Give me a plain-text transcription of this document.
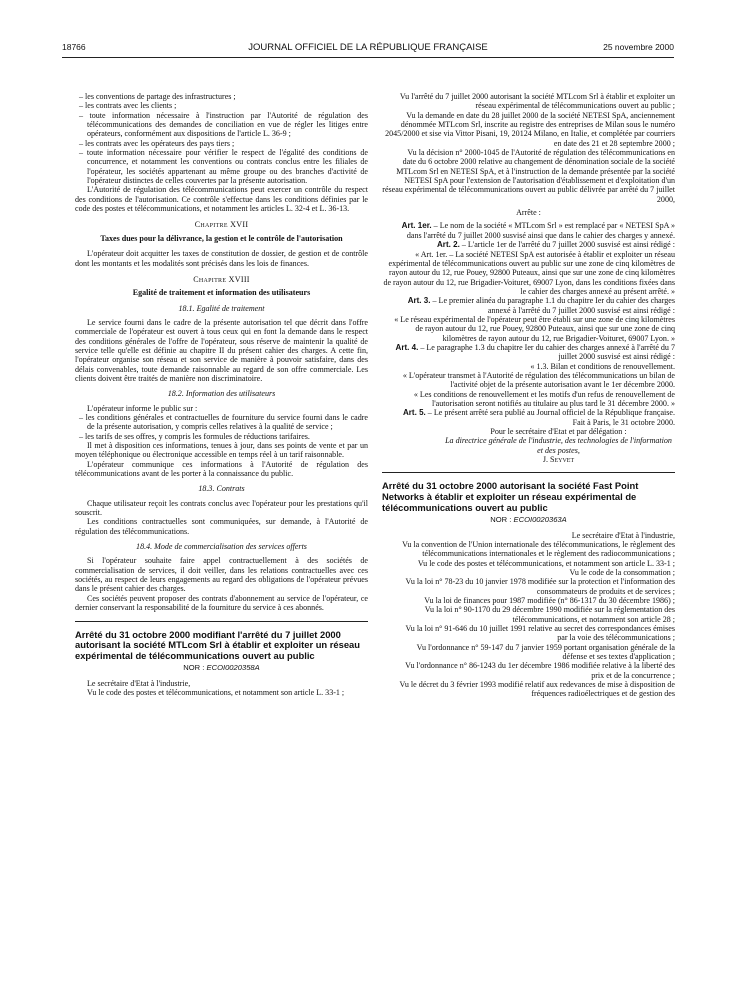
18766	JOURNAL OFFICIEL DE LA RÉPUBLIQUE FRANÇAISE	25 novembre 2000

– les conventions de partage des infrastructures ;

– les contrats avec les clients ;

– toute information nécessaire à l'instruction par l'Autorité de régulation des télécommunications des demandes de conciliation en vue de régler les litiges entre opérateurs, conformément aux dispositions de l'article L. 36-9 ;

– les contrats avec les opérateurs des pays tiers ;

– toute information nécessaire pour vérifier le respect de l'égalité des conditions de concurrence, et notamment les conventions ou contrats conclus entre les filiales de l'opérateur, les sociétés appartenant au même groupe ou des branches d'activité de l'opérateur distinctes de celles couvertes par la présente autorisation.

L'Autorité de régulation des télécommunications peut exercer un contrôle du respect des conditions de l'autorisation. Ce contrôle s'effectue dans les conditions définies par le code des postes et télécommunications, et notamment les articles L. 32-4 et L. 36-13.

Chapitre XVII

Taxes dues pour la délivrance, la gestion et le contrôle de l'autorisation

L'opérateur doit acquitter les taxes de constitution de dossier, de gestion et de contrôle dont les montants et les modalités sont précisés dans les lois de finances.

Chapitre XVIII

Egalité de traitement et information des utilisateurs

18.1. Egalité de traitement

Le service fourni dans le cadre de la présente autorisation tel que décrit dans l'offre commerciale de l'opérateur est ouvert à tous ceux qui en font la demande dans le respect des conditions générales de l'offre de l'opérateur, sous réserve de maintenir la qualité de service telle qu'elle est définie au chapitre II du présent cahier des charges. A cette fin, l'opérateur organise son réseau et son service de manière à pouvoir satisfaire, dans des délais convenables, toute demande raisonnable au regard de son offre commerciale. Les clients doivent être traités de manière non discriminatoire.

18.2. Information des utilisateurs

L'opérateur informe le public sur :

– les conditions générales et contractuelles de fourniture du service fourni dans le cadre de la présente autorisation, y compris celles relatives à la qualité de service ;

– les tarifs de ses offres, y compris les formules de réductions tarifaires.

Il met à disposition ces informations, tenues à jour, dans ses points de vente et par un moyen téléphonique ou électronique accessible en temps réel à un tarif raisonnable.

L'opérateur communique ces informations à l'Autorité de régulation des télécommunications avant de les porter à la connaissance du public.

18.3. Contrats

Chaque utilisateur reçoit les contrats conclus avec l'opérateur pour les prestations qu'il souscrit.

Les conditions contractuelles sont communiquées, sur demande, à l'Autorité de régulation des télécommunications.

18.4. Mode de commercialisation des services offerts

Si l'opérateur souhaite faire appel contractuellement à des sociétés de commercialisation de services, il doit veiller, dans les relations contractuelles avec ces sociétés, au respect de leurs engagements au regard des obligations de l'opérateur prévues dans le présent cahier des charges.

Ces sociétés peuvent proposer des contrats d'abonnement au service de l'opérateur, ce dernier conservant la responsabilité de la fourniture du service à ces abonnés.

Arrêté du 31 octobre 2000 modifiant l'arrêté du 7 juillet 2000 autorisant la société MTLcom Srl à établir et exploiter un réseau expérimental de télécommunications ouvert au public

NOR : ECOI0020358A

Le secrétaire d'Etat à l'industrie,

Vu le code des postes et télécommunications, et notamment son article L. 33-1 ;

Vu l'arrêté du 7 juillet 2000 autorisant la société MTLcom Srl à établir et exploiter un réseau expérimental de télécommunications ouvert au public ;

Vu la demande en date du 28 juillet 2000 de la société NETESI SpA, anciennement dénommée MTLcom Srl, inscrite au registre des entreprises de Milan sous le numéro 2045/2000 et sise via Vittor Pisani, 19, 20124 Milano, en Italie, et complétée par courriers en date des 21 et 28 septembre 2000 ;

Vu la décision n° 2000-1045 de l'Autorité de régulation des télécommunications en date du 6 octobre 2000 relative au changement de dénomination sociale de la société MTLcom Srl en NETESI SpA, et à l'instruction de la demande présentée par la société NETESI SpA pour l'extension de l'autorisation d'établissement et d'exploitation d'un réseau expérimental de télécommunications ouvert au public délivrée par arrêté du 7 juillet 2000,

Arrête :

Art. 1er. – Le nom de la société « MTLcom Srl » est remplacé par « NETESI SpA » dans l'arrêté du 7 juillet 2000 susvisé ainsi que dans le cahier des charges y annexé.

Art. 2. – L'article 1er de l'arrêté du 7 juillet 2000 susvisé est ainsi rédigé :

« Art. 1er. – La société NETESI SpA est autorisée à établir et exploiter un réseau expérimental de télécommunications ouvert au public sur une zone de cinq kilomètres de rayon autour du 12, rue Pouey, 92800 Puteaux, ainsi que sur une zone de cinq kilomètres de rayon autour du 12, rue Brigadier-Voituret, 69007 Lyon, dans les conditions fixées dans le cahier des charges annexé au présent arrêté. »

Art. 3. – Le premier alinéa du paragraphe 1.1 du chapitre Ier du cahier des charges annexé à l'arrêté du 7 juillet 2000 susvisé est ainsi rédigé :

« Le réseau expérimental de l'opérateur peut être établi sur une zone de cinq kilomètres de rayon autour du 12, rue Pouey, 92800 Puteaux, ainsi que sur une zone de cinq kilomètres de rayon autour du 12, rue Brigadier-Voituret, 69007 Lyon. »

Art. 4. – Le paragraphe 1.3 du chapitre Ier du cahier des charges annexé à l'arrêté du 7 juillet 2000 susvisé est ainsi rédigé :

« 1.3. Bilan et conditions de renouvellement.

« L'opérateur transmet à l'Autorité de régulation des télécommunications un bilan de l'activité objet de la présente autorisation avant le 1er décembre 2000.

« Les conditions de renouvellement et les motifs d'un refus de renouvellement de l'autorisation seront notifiés au titulaire au plus tard le 31 décembre 2000. »

Art. 5. – Le présent arrêté sera publié au Journal officiel de la République française.

Fait à Paris, le 31 octobre 2000.

Pour le secrétaire d'Etat et par délégation :

La directrice générale de l'industrie, des technologies de l'information et des postes,

J. Seyvet

Arrêté du 31 octobre 2000 autorisant la société Fast Point Networks à établir et exploiter un réseau expérimental de télécommunications ouvert au public

NOR : ECOI0020363A

Le secrétaire d'Etat à l'industrie,

Vu la convention de l'Union internationale des télécommunications, le règlement des télécommunications internationales et le règlement des radiocommunications ;

Vu le code des postes et télécommunications, et notamment son article L. 33-1 ;

Vu le code de la consommation ;

Vu la loi n° 78-23 du 10 janvier 1978 modifiée sur la protection et l'information des consommateurs de produits et de services ;

Vu la loi de finances pour 1987 modifiée (n° 86-1317 du 30 décembre 1986) ;

Vu la loi n° 90-1170 du 29 décembre 1990 modifiée sur la réglementation des télécommunications, et notamment son article 28 ;

Vu la loi n° 91-646 du 10 juillet 1991 relative au secret des correspondances émises par la voie des télécommunications ;

Vu l'ordonnance n° 59-147 du 7 janvier 1959 portant organisation générale de la défense et ses textes d'application ;

Vu l'ordonnance n° 86-1243 du 1er décembre 1986 modifiée relative à la liberté des prix et de la concurrence ;

Vu le décret du 3 février 1993 modifié relatif aux redevances de mise à disposition de fréquences radioélectriques et de gestion des
